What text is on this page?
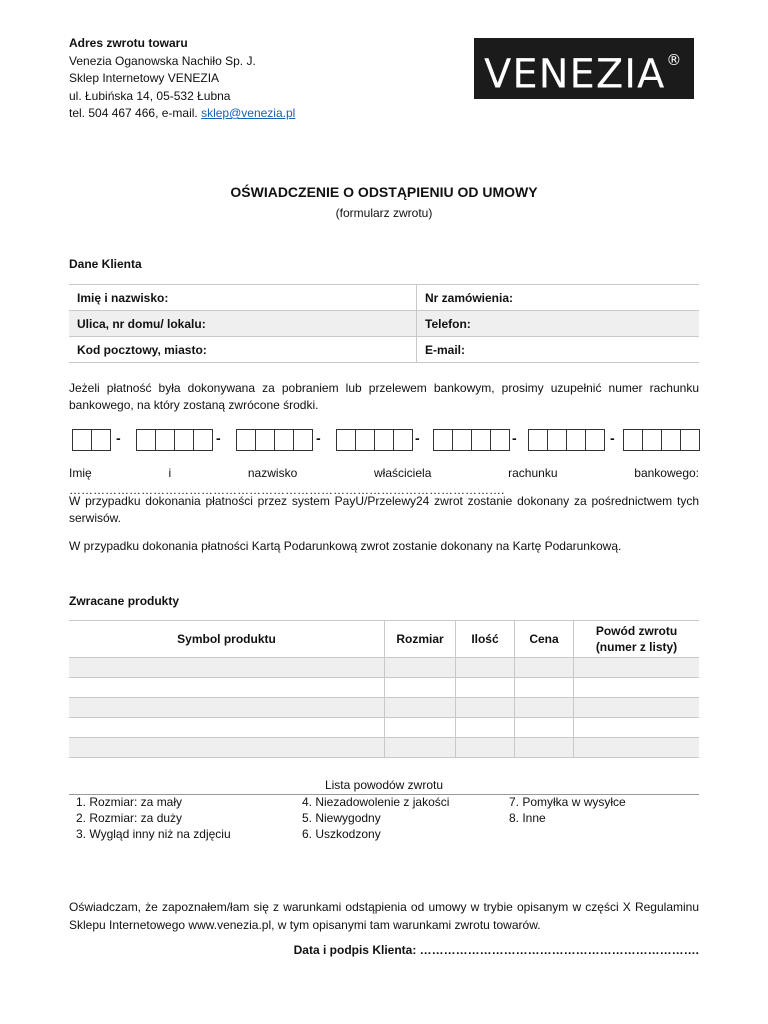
Adres zwrotu towaru
Venezia Oganowska Nachiło Sp. J.
Sklep Internetowy VENEZIA
ul. Łubińska 14, 05-532 Łubna
tel. 504 467 466, e-mail. sklep@venezia.pl
VENEZIA®
OŚWIADCZENIE O ODSTĄPIENIU OD UMOWY
(formularz zwrotu)
Dane Klienta
Imię i nazwisko:	Nr zamówienia:
Ulica, nr domu/ lokalu:	Telefon:
Kod pocztowy, miasto:	E-mail:
Jeżeli płatność była dokonywana za pobraniem lub przelewem bankowym, prosimy uzupełnić numer rachunku bankowego, na który zostaną zwrócone środki.
-	-	-	-	-	-
Imię i nazwisko właściciela rachunku bankowego: ……………………………………………………………………………………………….
W przypadku dokonania płatności przez system PayU/Przelewy24 zwrot zostanie dokonany za pośrednictwem tych serwisów.
W przypadku dokonania płatności Kartą Podarunkową zwrot zostanie dokonany na Kartę Podarunkową.
Zwracane produkty
Symbol produktu	Rozmiar	Ilość	Cena	Powód zwrotu (numer z listy)

Lista powodów zwrotu
1. Rozmiar: za mały
2. Rozmiar: za duży
3. Wygląd inny niż na zdjęciu
4. Niezadowolenie z jakości
5. Niewygodny
6. Uszkodzony
7. Pomyłka w wysyłce
8. Inne
Oświadczam, że zapoznałem/łam się z warunkami odstąpienia od umowy w trybie opisanym w części X Regulaminu Sklepu Internetowego www.venezia.pl, w tym opisanymi tam warunkami zwrotu towarów.
Data i podpis Klienta: …………………………………………………………….
